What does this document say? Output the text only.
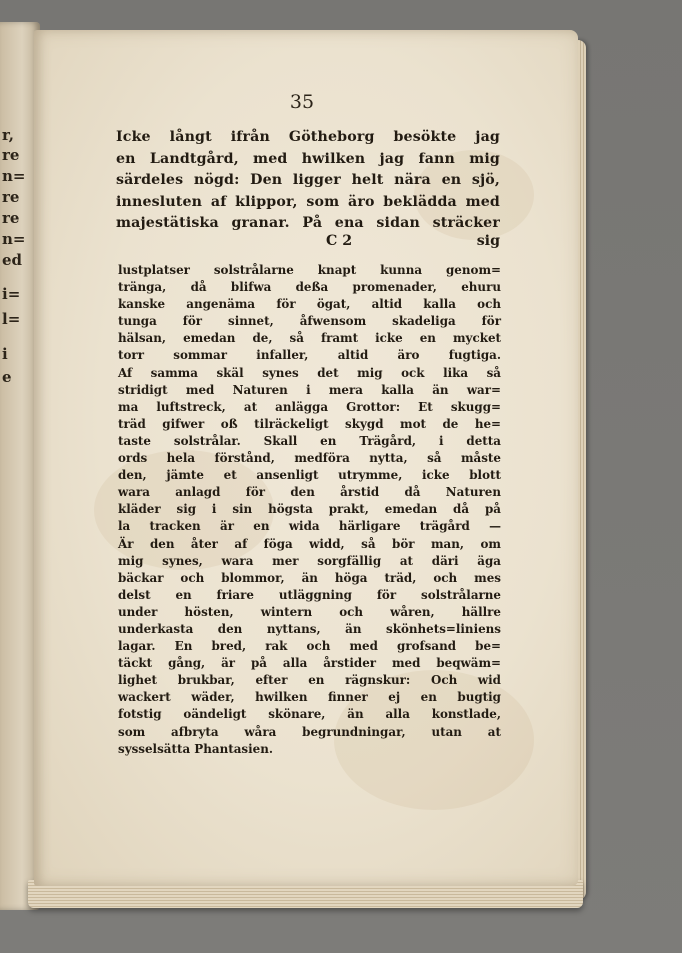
r,
re
n=
re
re
n=
ed
i=
l=
i
e
35
Icke långt ifrån Götheborg besökte jag
en Landtgård, med hwilken jag fann mig
särdeles nögd: Den ligger helt nära en sjö,
innesluten af klippor, som äro beklädda med
majestätiska granar. På ena sidan sträcker
C 2	sig
lustplatser solstrålarne knapt kunna genom=
tränga, då blifwa deßa promenader, ehuru
kanske angenäma för ögat, altid kalla och
tunga för sinnet, åfwensom skadeliga för
hälsan, emedan de, så framt icke en mycket
torr sommar infaller, altid äro fugtiga.
Af samma skäl synes det mig ock lika så
stridigt med Naturen i mera kalla än war=
ma luftstreck, at anlägga Grottor: Et skugg=
träd gifwer oß tilräckeligt skygd mot de he=
taste solstrålar. Skall en Trägård, i detta
ords hela förstånd, medföra nytta, så måste
den, jämte et ansenligt utrymme, icke blott
wara anlagd för den årstid då Naturen
kläder sig i sin högsta prakt, emedan då på
la tracken är en wida härligare trägård —
Är den åter af föga widd, så bör man, om
mig synes, wara mer sorgfällig at däri äga
bäckar och blommor, än höga träd, och mes
delst en friare utläggning för solstrålarne
under hösten, wintern och wåren, hällre
underkasta den nyttans, än skönhets=liniens
lagar. En bred, rak och med grofsand be=
täckt gång, är på alla årstider med beqwäm=
lighet brukbar, efter en rägnskur: Och wid
wackert wäder, hwilken finner ej en bugtig
fotstig oändeligt skönare, än alla konstlade,
som afbryta wåra begrundningar, utan at
sysselsätta Phantasien.
